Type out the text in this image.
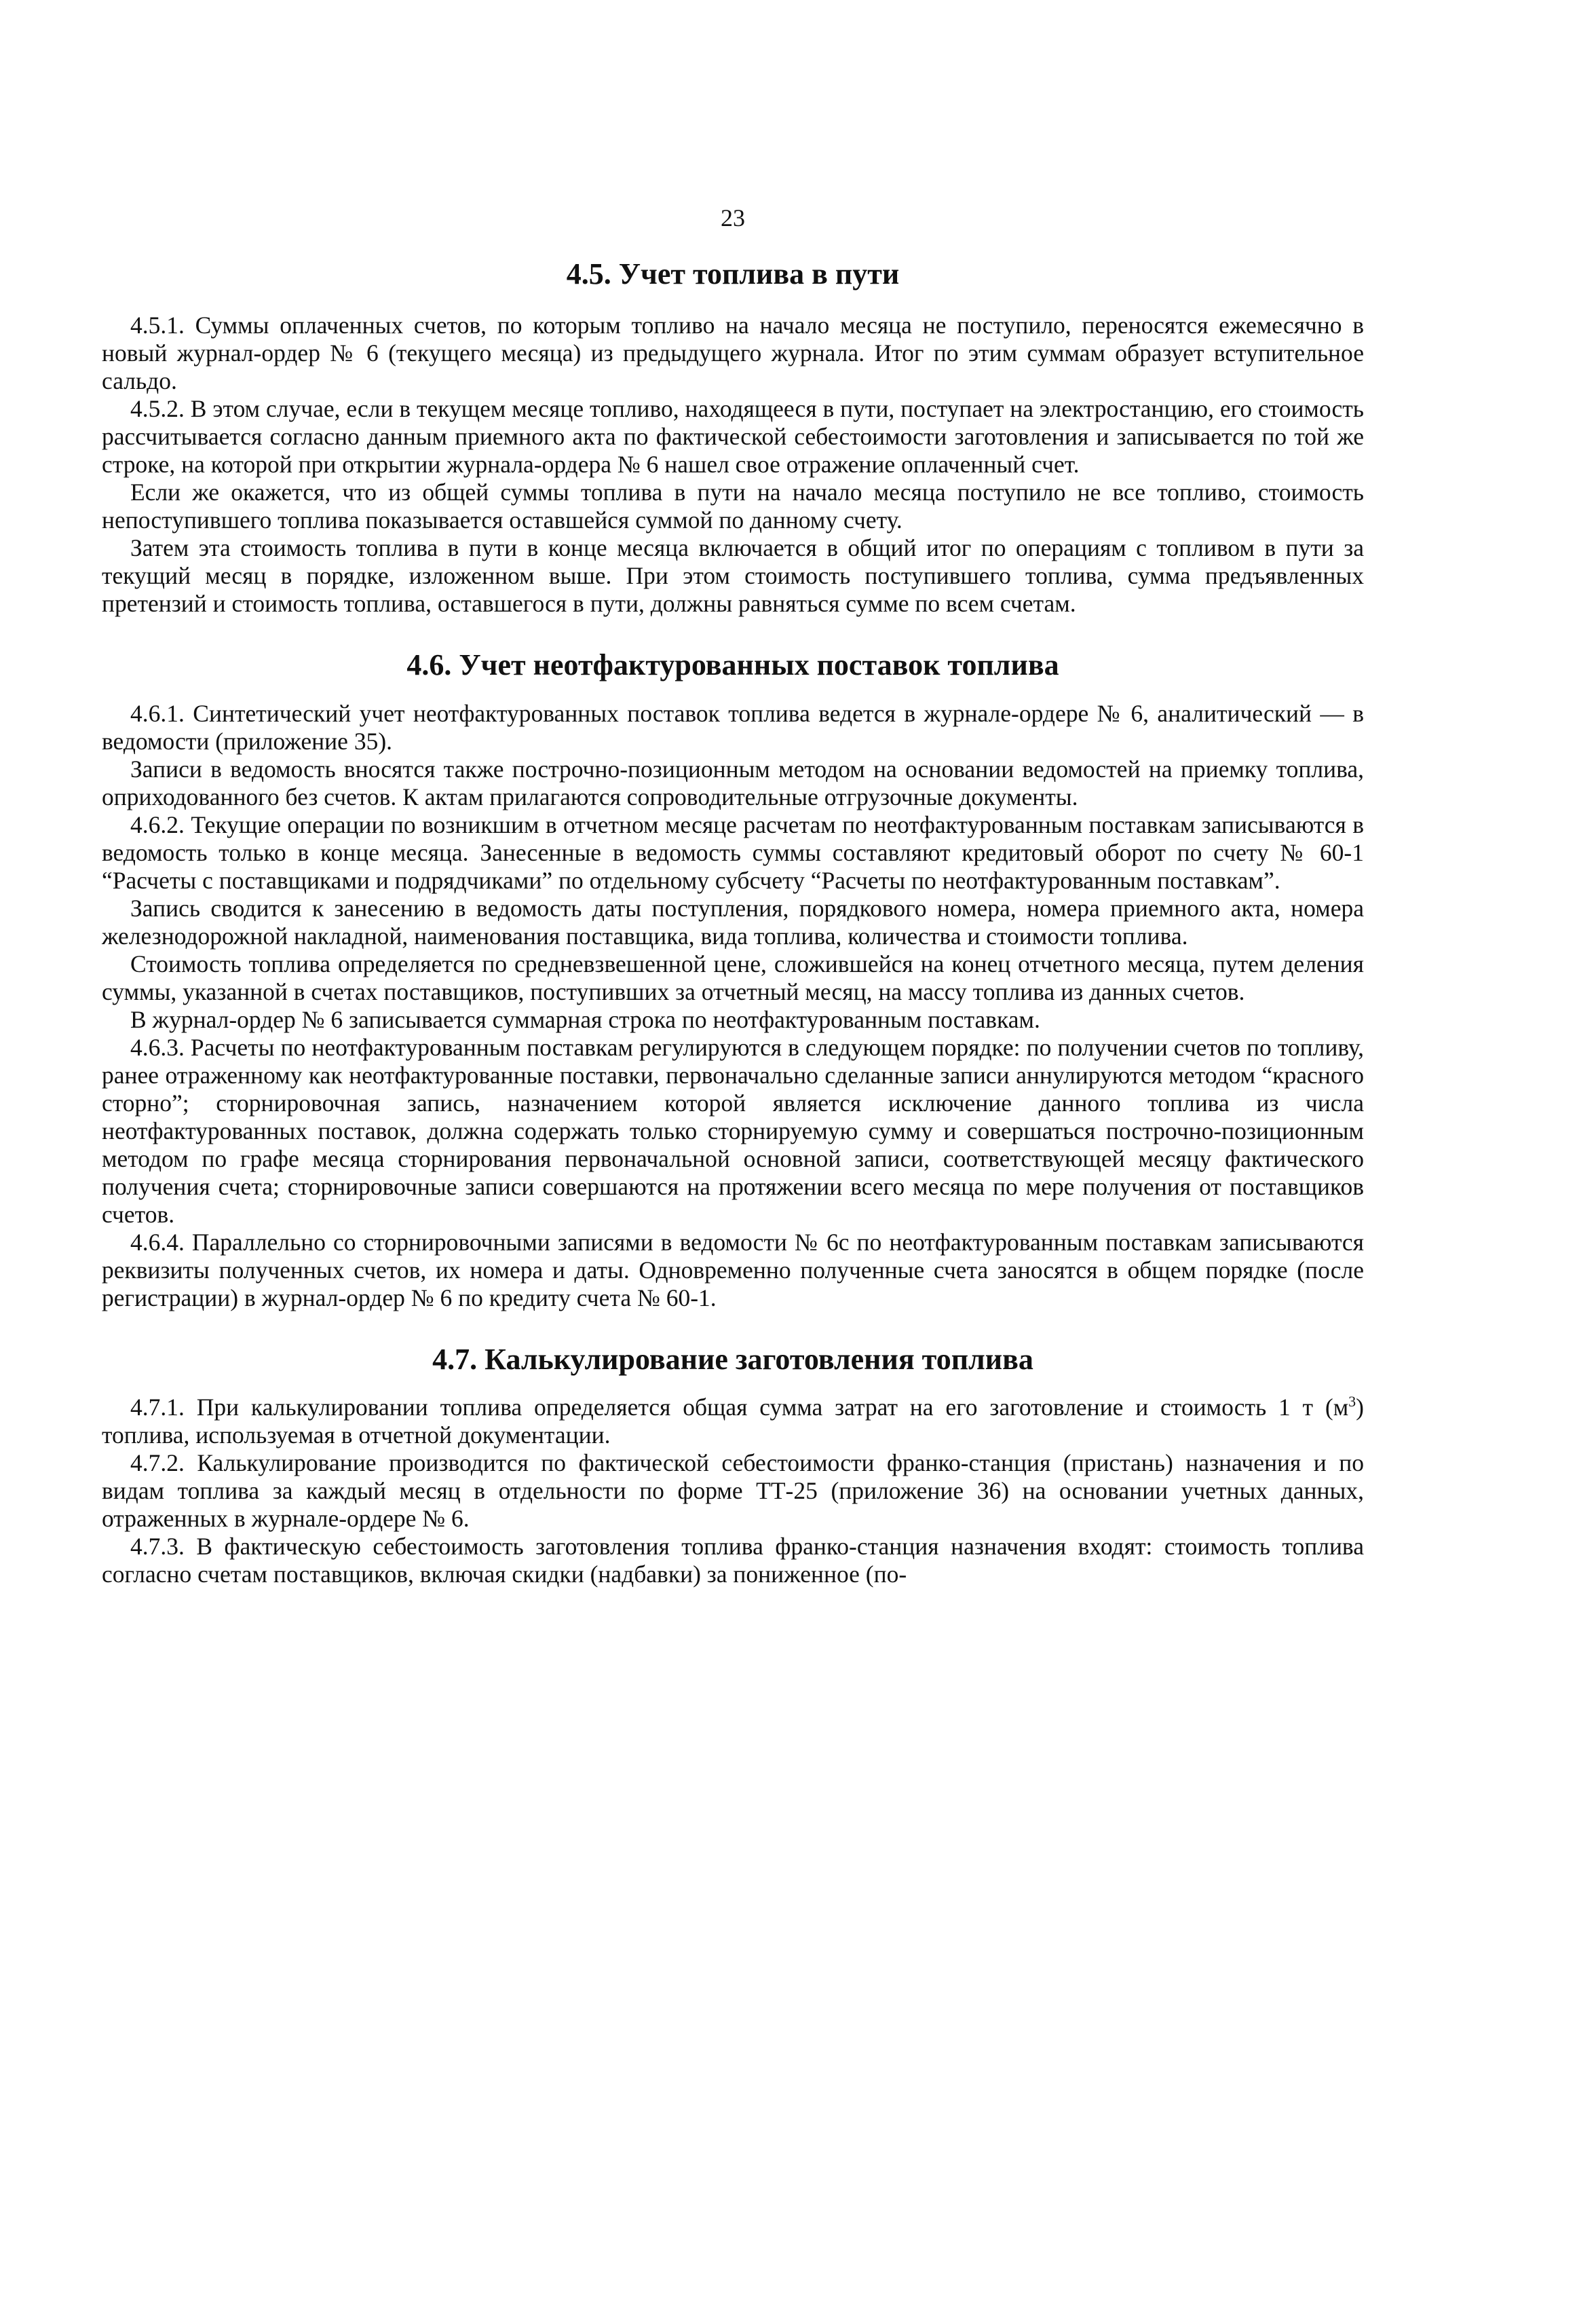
23
4.5. Учет топлива в пути

4.5.1. Суммы оплаченных счетов, по которым топливо на начало месяца не поступило, переносятся ежемесячно в новый журнал-ордер № 6 (текущего месяца) из предыдущего журнала. Итог по этим суммам образует вступительное сальдо.

4.5.2. В этом случае, если в текущем месяце топливо, находящееся в пути, поступает на электростанцию, его стоимость рассчитывается согласно данным приемного акта по фактической себестоимости заготовления и записывается по той же строке, на которой при открытии журнала-ордера № 6 нашел свое отражение оплаченный счет.

Если же окажется, что из общей суммы топлива в пути на начало месяца поступило не все топливо, стоимость непоступившего топлива показывается оставшейся суммой по данному счету.

Затем эта стоимость топлива в пути в конце месяца включается в общий итог по операциям с топливом в пути за текущий месяц в порядке, изложенном выше. При этом стоимость поступившего топлива, сумма предъявленных претензий и стоимость топлива, оставшегося в пути, должны равняться сумме по всем счетам.

4.6. Учет неотфактурованных поставок топлива

4.6.1. Синтетический учет неотфактурованных поставок топлива ведется в журнале-ордере № 6, аналитический — в ведомости (приложение 35).

Записи в ведомость вносятся также построчно-позиционным методом на основании ведомостей на приемку топлива, оприходованного без счетов. К актам прилагаются сопроводительные отгрузочные документы.

4.6.2. Текущие операции по возникшим в отчетном месяце расчетам по неотфактурованным поставкам записываются в ведомость только в конце месяца. Занесенные в ведомость суммы составляют кредитовый оборот по счету № 60-1 “Расчеты с поставщиками и подрядчиками” по отдельному субсчету “Расчеты по неотфактурованным поставкам”.

Запись сводится к занесению в ведомость даты поступления, порядкового номера, номера приемного акта, номера железнодорожной накладной, наименования поставщика, вида топлива, количества и стоимости топлива.

Стоимость топлива определяется по средневзвешенной цене, сложившейся на конец отчетного месяца, путем деления суммы, указанной в счетах поставщиков, поступивших за отчетный месяц, на массу топлива из данных счетов.

В журнал-ордер № 6 записывается суммарная строка по неотфактурованным поставкам.

4.6.3. Расчеты по неотфактурованным поставкам регулируются в следующем порядке: по получении счетов по топливу, ранее отраженному как неотфактурованные поставки, первоначально сделанные записи аннулируются методом “красного сторно”; сторнировочная запись, назначением которой является исключение данного топлива из числа неотфактурованных поставок, должна содержать только сторнируемую сумму и совершаться построчно-позиционным методом по графе месяца сторнирования первоначальной основной записи, соответствующей месяцу фактического получения счета; сторнировочные записи совершаются на протяжении всего месяца по мере получения от поставщиков счетов.

4.6.4. Параллельно со сторнировочными записями в ведомости № 6с по неотфактурованным поставкам записываются реквизиты полученных счетов, их номера и даты. Одновременно полученные счета заносятся в общем порядке (после регистрации) в журнал-ордер № 6 по кредиту счета № 60-1.

4.7. Калькулирование заготовления топлива

4.7.1. При калькулировании топлива определяется общая сумма затрат на его заготовление и стоимость 1 т $(м^3)$ топлива, используемая в отчетной документации.

4.7.2. Калькулирование производится по фактической себестоимости франко-станция (пристань) назначения и по видам топлива за каждый месяц в отдельности по форме ТТ-25 (приложение 36) на основании учетных данных, отраженных в журнале-ордере № 6.

4.7.3. В фактическую себестоимость заготовления топлива франко-станция назначения входят: стоимость топлива согласно счетам поставщиков, включая скидки (надбавки) за пониженное (по-
